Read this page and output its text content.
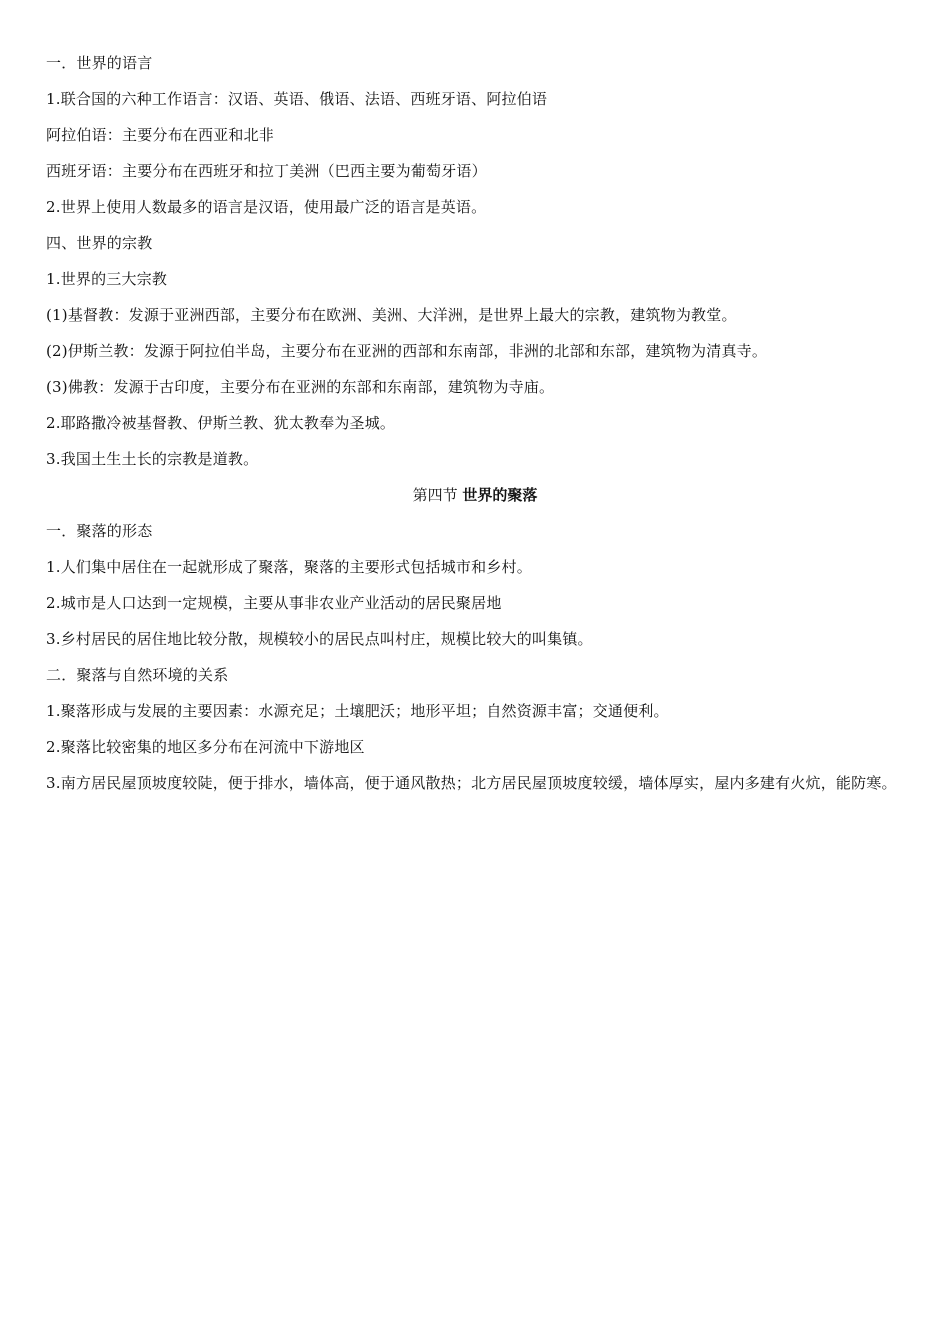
一．世界的语言
1.联合国的六种工作语言：汉语、英语、俄语、法语、西班牙语、阿拉伯语
阿拉伯语：主要分布在西亚和北非
西班牙语：主要分布在西班牙和拉丁美洲（巴西主要为葡萄牙语）
2.世界上使用人数最多的语言是汉语，使用最广泛的语言是英语。
四、世界的宗教
1.世界的三大宗教
(1)基督教：发源于亚洲西部，主要分布在欧洲、美洲、大洋洲，是世界上最大的宗教，建筑物为教堂。
(2)伊斯兰教：发源于阿拉伯半岛，主要分布在亚洲的西部和东南部，非洲的北部和东部，建筑物为清真寺。
(3)佛教：发源于古印度，主要分布在亚洲的东部和东南部，建筑物为寺庙。
2.耶路撒冷被基督教、伊斯兰教、犹太教奉为圣城。
3.我国土生土长的宗教是道教。
第四节 世界的聚落
一．聚落的形态
1.人们集中居住在一起就形成了聚落，聚落的主要形式包括城市和乡村。
2.城市是人口达到一定规模，主要从事非农业产业活动的居民聚居地
3.乡村居民的居住地比较分散，规模较小的居民点叫村庄，规模比较大的叫集镇。
二．聚落与自然环境的关系
1.聚落形成与发展的主要因素：水源充足；土壤肥沃；地形平坦；自然资源丰富；交通便利。
2.聚落比较密集的地区多分布在河流中下游地区
3.南方居民屋顶坡度较陡，便于排水，墙体高，便于通风散热；北方居民屋顶坡度较缓，墙体厚实，屋内多建有火炕，能防寒。
